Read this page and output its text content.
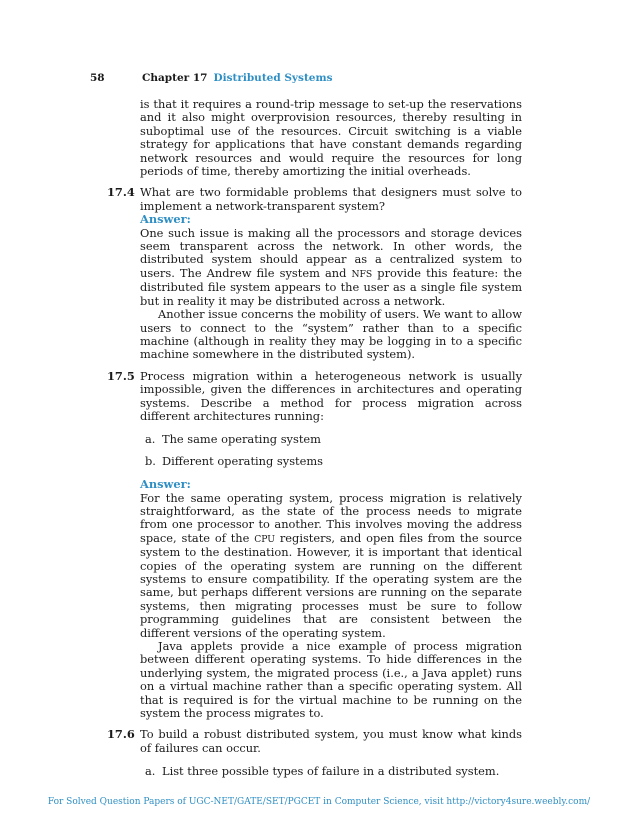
58	Chapter 17 Distributed Systems

is that it requires a round-trip message to set-up the reservations and it also might overprovision resources, thereby resulting in suboptimal use of the resources. Circuit switching is a viable strategy for applications that have constant demands regarding network resources and would require the resources for long periods of time, thereby amortizing the initial overheads.

17.4 What are two formidable problems that designers must solve to implement a network-transparent system?

Answer:

One such issue is making all the processors and storage devices seem transparent across the network. In other words, the distributed system should appear as a centralized system to users. The Andrew file system and NFS provide this feature: the distributed file system appears to the user as a single file system but in reality it may be distributed across a network.

Another issue concerns the mobility of users. We want to allow users to connect to the “system” rather than to a specific machine (although in reality they may be logging in to a specific machine somewhere in the distributed system).

17.5 Process migration within a heterogeneous network is usually impossible, given the differences in architectures and operating systems. Describe a method for process migration across different architectures running:

a. The same operating system
b. Different operating systems
Answer:

For the same operating system, process migration is relatively straightforward, as the state of the process needs to migrate from one processor to another. This involves moving the address space, state of the CPU registers, and open files from the source system to the destination. However, it is important that identical copies of the operating system are running on the different systems to ensure compatibility. If the operating system are the same, but perhaps different versions are running on the separate systems, then migrating processes must be sure to follow programming guidelines that are consistent between the different versions of the operating system.

Java applets provide a nice example of process migration between different operating systems. To hide differences in the underlying system, the migrated process (i.e., a Java applet) runs on a virtual machine rather than a specific operating system. All that is required is for the virtual machine to be running on the system the process migrates to.

17.6 To build a robust distributed system, you must know what kinds of failures can occur.

a. List three possible types of failure in a distributed system.
For Solved Question Papers of UGC-NET/GATE/SET/PGCET in Computer Science, visit http://victory4sure.weebly.com/
